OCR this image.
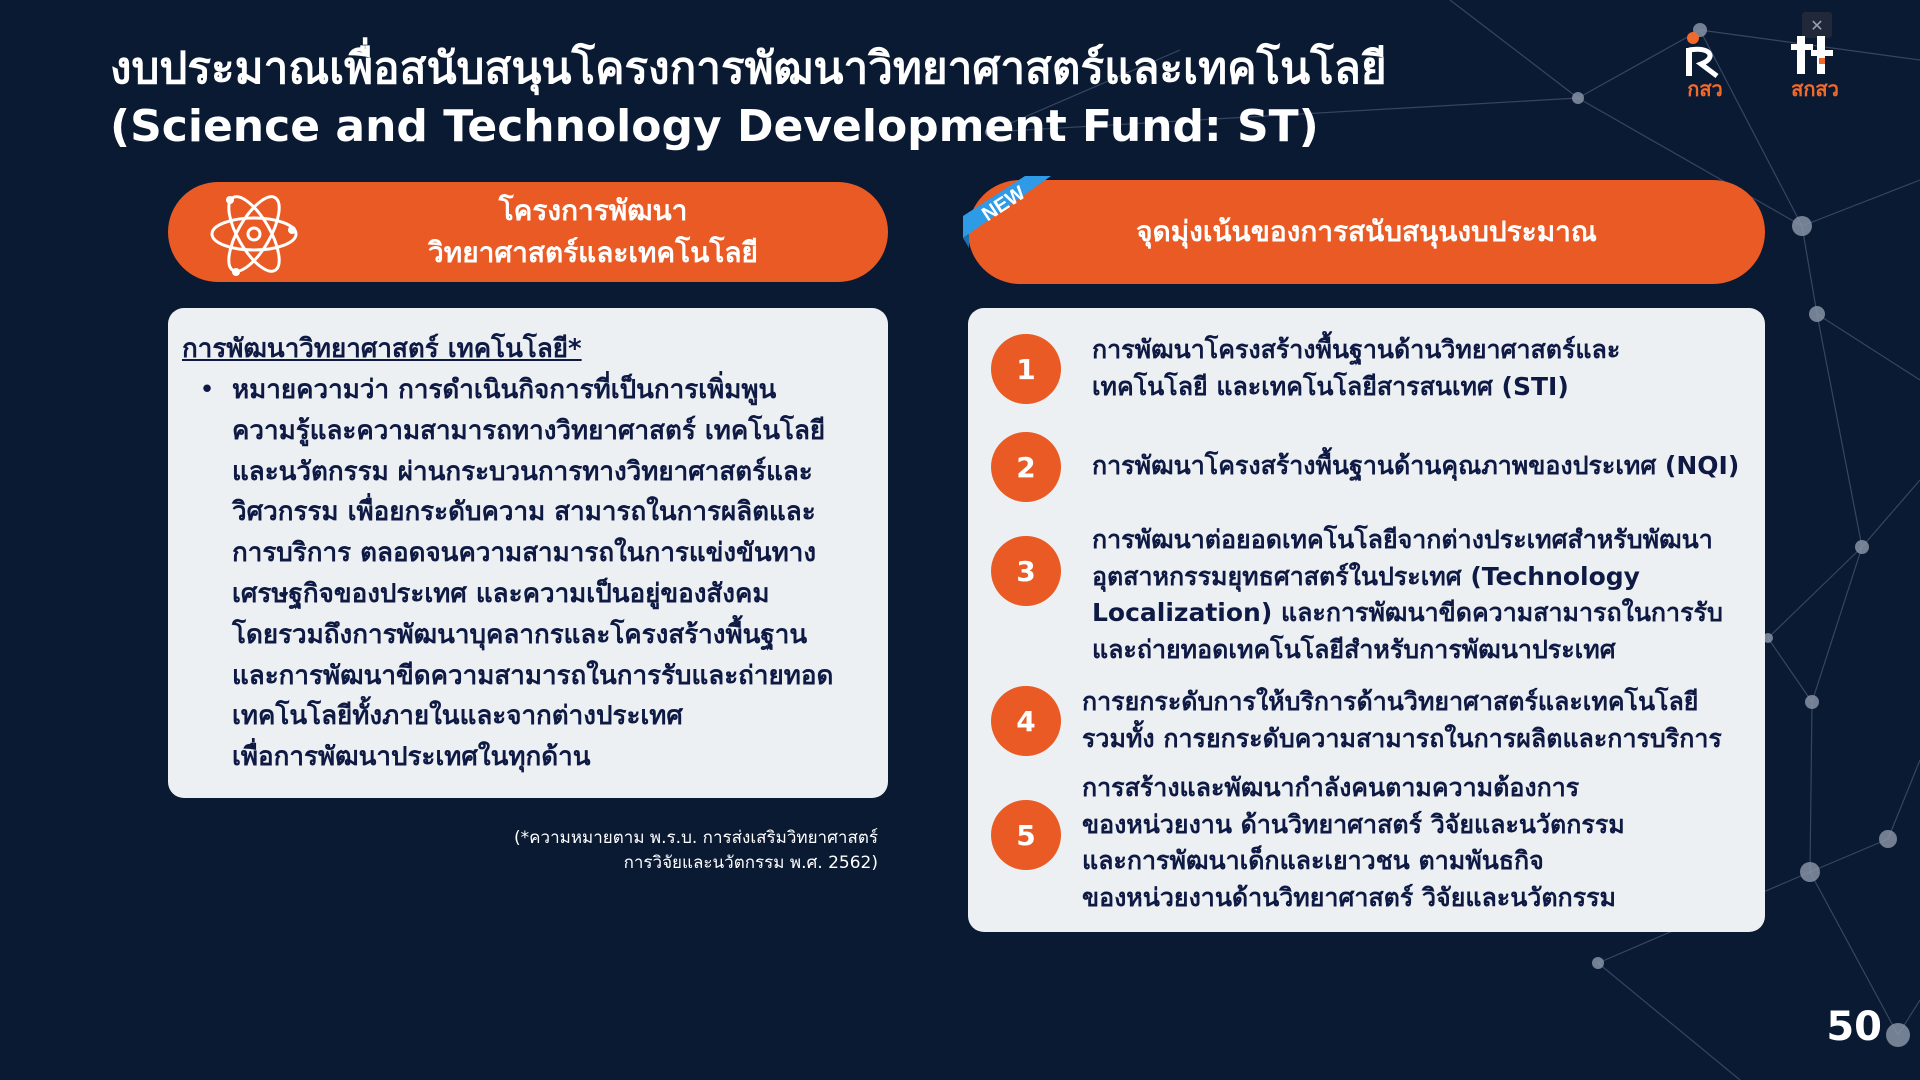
งบประมาณเพื่อสนับสนุนโครงการพัฒนาวิทยาศาสตร์และเทคโนโลยี
(Science and Technology Development Fund: ST)
✕
กสว	สกสว
โครงการพัฒนา
วิทยาศาสตร์และเทคโนโลยี
การพัฒนาวิทยาศาสตร์ เทคโนโลยี*
• หมายความว่า การดำเนินกิจการที่เป็นการเพิ่มพูน
ความรู้และความสามารถทางวิทยาศาสตร์ เทคโนโลยี
และนวัตกรรม ผ่านกระบวนการทางวิทยาศาสตร์และ
วิศวกรรม เพื่อยกระดับความ สามารถในการผลิตและ
การบริการ ตลอดจนความสามารถในการแข่งขันทาง
เศรษฐกิจของประเทศ และความเป็นอยู่ของสังคม
โดยรวมถึงการพัฒนาบุคลากรและโครงสร้างพื้นฐาน
และการพัฒนาขีดความสามารถในการรับและถ่ายทอด
เทคโนโลยีทั้งภายในและจากต่างประเทศ
เพื่อการพัฒนาประเทศในทุกด้าน
(*ความหมายตาม พ.ร.บ. การส่งเสริมวิทยาศาสตร์
การวิจัยและนวัตกรรม พ.ศ. 2562)
จุดมุ่งเน้นของการสนับสนุนงบประมาณ
NEW
1
การพัฒนาโครงสร้างพื้นฐานด้านวิทยาศาสตร์และ
เทคโนโลยี และเทคโนโลยีสารสนเทศ (STI)
2	การพัฒนาโครงสร้างพื้นฐานด้านคุณภาพของประเทศ (NQI)
3
การพัฒนาต่อยอดเทคโนโลยีจากต่างประเทศสำหรับพัฒนา
อุตสาหกรรมยุทธศาสตร์ในประเทศ (Technology
Localization) และการพัฒนาขีดความสามารถในการรับ
และถ่ายทอดเทคโนโลยีสำหรับการพัฒนาประเทศ
4
การยกระดับการให้บริการด้านวิทยาศาสตร์และเทคโนโลยี
รวมทั้ง การยกระดับความสามารถในการผลิตและการบริการ
5
การสร้างและพัฒนากำลังคนตามความต้องการ
ของหน่วยงาน ด้านวิทยาศาสตร์ วิจัยและนวัตกรรม
และการพัฒนาเด็กและเยาวชน ตามพันธกิจ
ของหน่วยงานด้านวิทยาศาสตร์ วิจัยและนวัตกรรม
50
